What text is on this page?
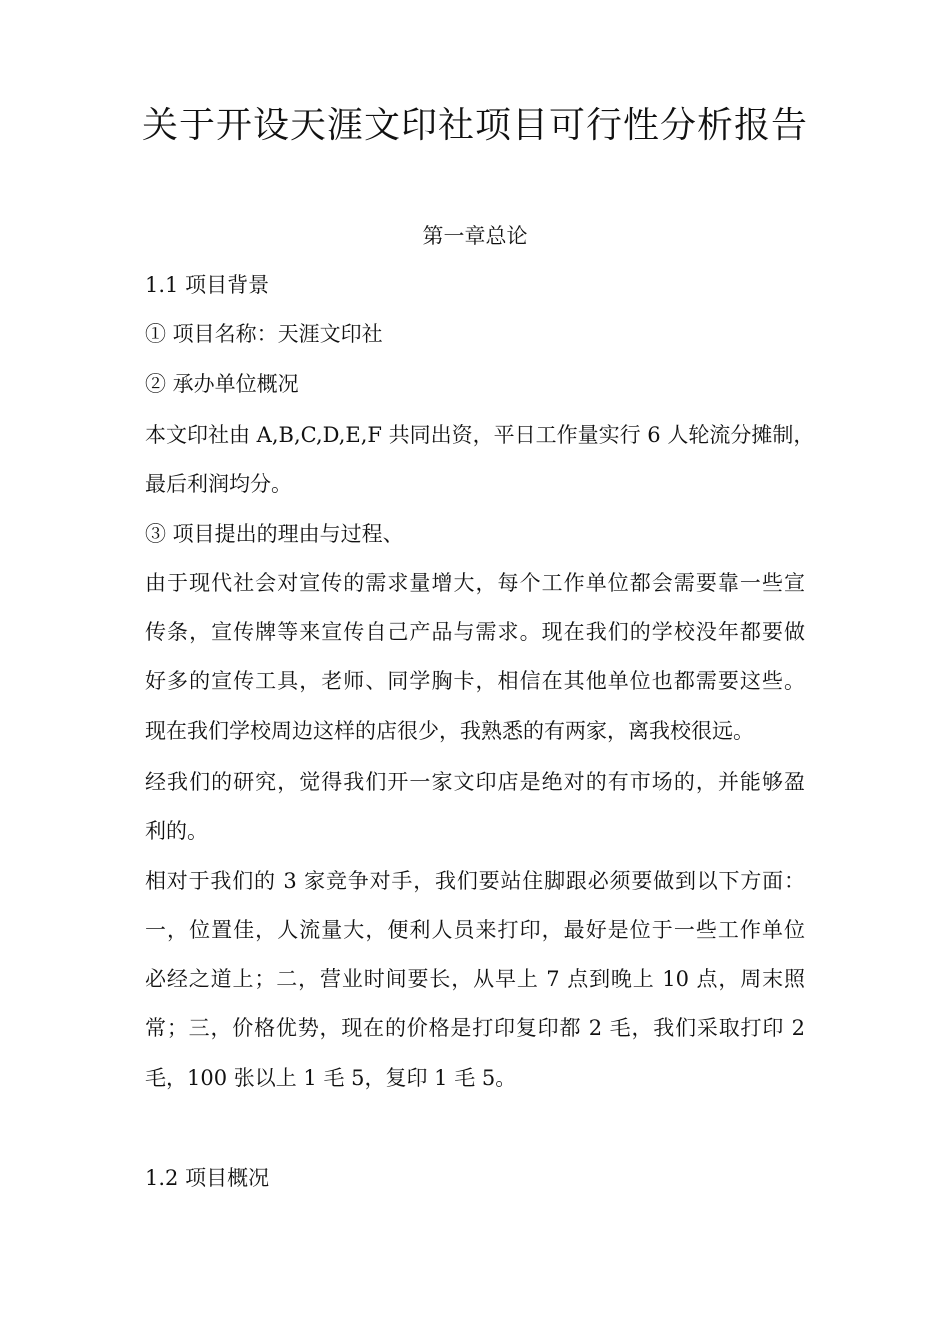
关于开设天涯文印社项目可行性分析报告
第一章总论
1.1 项目背景
① 项目名称：天涯文印社
② 承办单位概况
本文印社由 A,B,C,D,E,F 共同出资，平日工作量实行 6 人轮流分摊制，
最后利润均分。
③ 项目提出的理由与过程、
由于现代社会对宣传的需求量增大，每个工作单位都会需要靠一些宣
传条，宣传牌等来宣传自己产品与需求。现在我们的学校没年都要做
好多的宣传工具，老师、同学胸卡，相信在其他单位也都需要这些。
现在我们学校周边这样的店很少，我熟悉的有两家，离我校很远。
经我们的研究，觉得我们开一家文印店是绝对的有市场的，并能够盈
利的。
相对于我们的 3 家竞争对手，我们要站住脚跟必须要做到以下方面：
一，位置佳，人流量大，便利人员来打印，最好是位于一些工作单位
必经之道上；二，营业时间要长，从早上 7 点到晚上 10 点，周末照
常；三，价格优势，现在的价格是打印复印都 2 毛，我们采取打印 2
毛，100 张以上 1 毛 5，复印 1 毛 5。
1.2 项目概况
